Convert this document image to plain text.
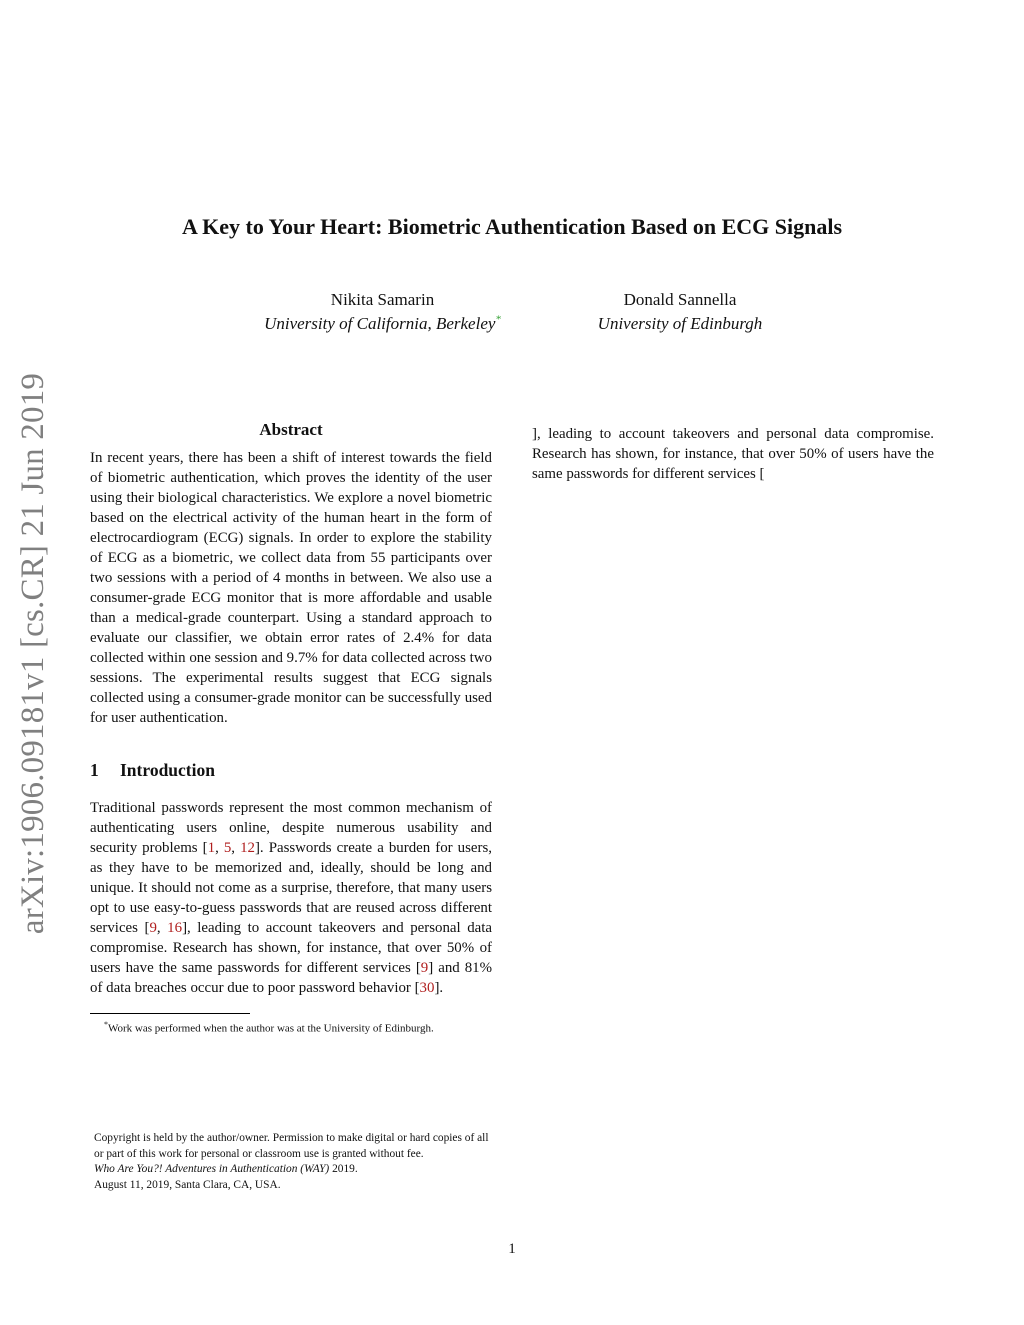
arXiv:1906.09181v1 [cs.CR] 21 Jun 2019
A Key to Your Heart: Biometric Authentication Based on ECG Signals
Nikita Samarin
University of California, Berkeley*
Donald Sannella
University of Edinburgh
Abstract

In recent years, there has been a shift of interest towards the field of biometric authentication, which proves the identity of the user using their biological characteristics. We explore a novel biometric based on the electrical activity of the human heart in the form of electrocardiogram (ECG) signals. In order to explore the stability of ECG as a biometric, we collect data from 55 participants over two sessions with a period of 4 months in between. We also use a consumer-grade ECG monitor that is more affordable and usable than a medical-grade counterpart. Using a standard approach to evaluate our classifier, we obtain error rates of 2.4% for data collected within one session and 9.7% for data collected across two sessions. The experimental results suggest that ECG signals collected using a consumer-grade monitor can be successfully used for user authentication.

1 Introduction

Traditional passwords represent the most common mechanism of authenticating users online, despite numerous usability and security problems [1, 5, 12]. Passwords create a burden for users, as they have to be memorized and, ideally, should be long and unique. It should not come as a surprise, therefore, that many users opt to use easy-to-guess passwords that are reused across different services [9, 16], leading to account takeovers and personal data compromise. Research has shown, for instance, that over 50% of users have the same passwords for different services [9] and 81% of data breaches occur due to poor password behavior [30].

*Work was performed when the author was at the University of Edinburgh.

Copyright is held by the author/owner. Permission to make digital or hard copies of all or part of this work for personal or classroom use is granted without fee.

Who Are You?! Adventures in Authentication (WAY) 2019.

August 11, 2019, Santa Clara, CA, USA.

], leading to account takeovers and personal data compromise. Research has shown, for instance, that over 50% of users have the same passwords for different services [

1
